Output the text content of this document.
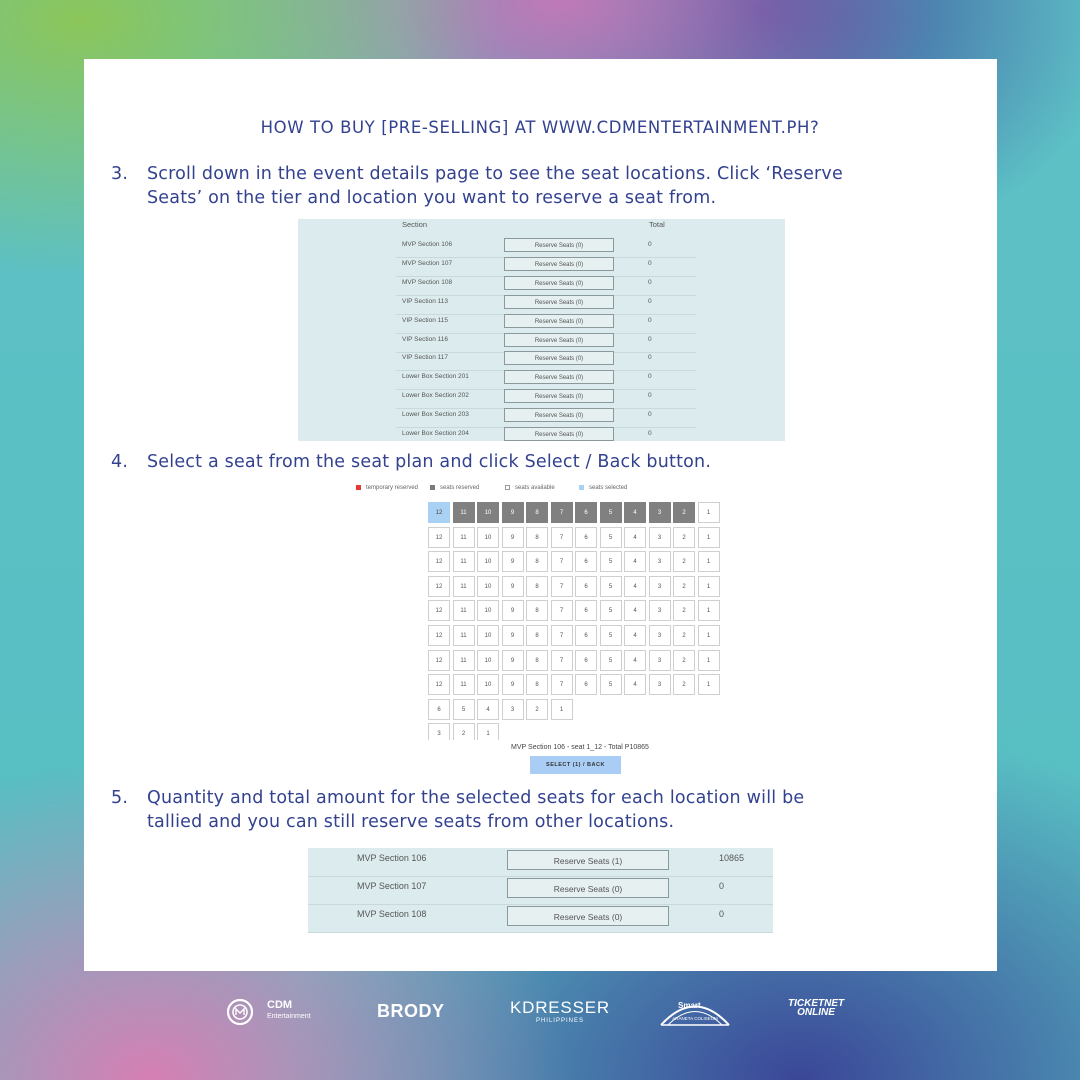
HOW TO BUY [PRE-SELLING] AT WWW.CDMENTERTAINMENT.PH?
3. Scroll down in the event details page to see the seat locations. Click ‘Reserve
Seats’ on the tier and location you want to reserve a seat from.
Section	Total
MVP Section 106	Reserve Seats (0)	0
MVP Section 107	Reserve Seats (0)	0
MVP Section 108	Reserve Seats (0)	0
VIP Section 113	Reserve Seats (0)	0
VIP Section 115	Reserve Seats (0)	0
VIP Section 116	Reserve Seats (0)	0
VIP Section 117	Reserve Seats (0)	0
Lower Box Section 201	Reserve Seats (0)	0
Lower Box Section 202	Reserve Seats (0)	0
Lower Box Section 203	Reserve Seats (0)	0
Lower Box Section 204	Reserve Seats (0)	0
4. Select a seat from the seat plan and click Select / Back button.
temporary reserved	seats reserved	seats available	seats selected
12	11	10	9	8	7	6	5	4	3	2	1
12	11	10	9	8	7	6	5	4	3	2	1
12	11	10	9	8	7	6	5	4	3	2	1
12	11	10	9	8	7	6	5	4	3	2	1
12	11	10	9	8	7	6	5	4	3	2	1
12	11	10	9	8	7	6	5	4	3	2	1
12	11	10	9	8	7	6	5	4	3	2	1
12	11	10	9	8	7	6	5	4	3	2	1
6	5	4	3	2	1
3	2	1
MVP Section 106 - seat 1_12 - Total P10865
SELECT (1) / BACK
5. Quantity and total amount for the selected seats for each location will be
tallied and you can still reserve seats from other locations.
MVP Section 106	Reserve Seats (1)	10865
MVP Section 107	Reserve Seats (0)	0
MVP Section 108	Reserve Seats (0)	0
CDM
Entertainment	BRODY	KDRESSER
PHILIPPINES
Smart
ARANETA COLISEUM
TICKETNET
ONLINE
